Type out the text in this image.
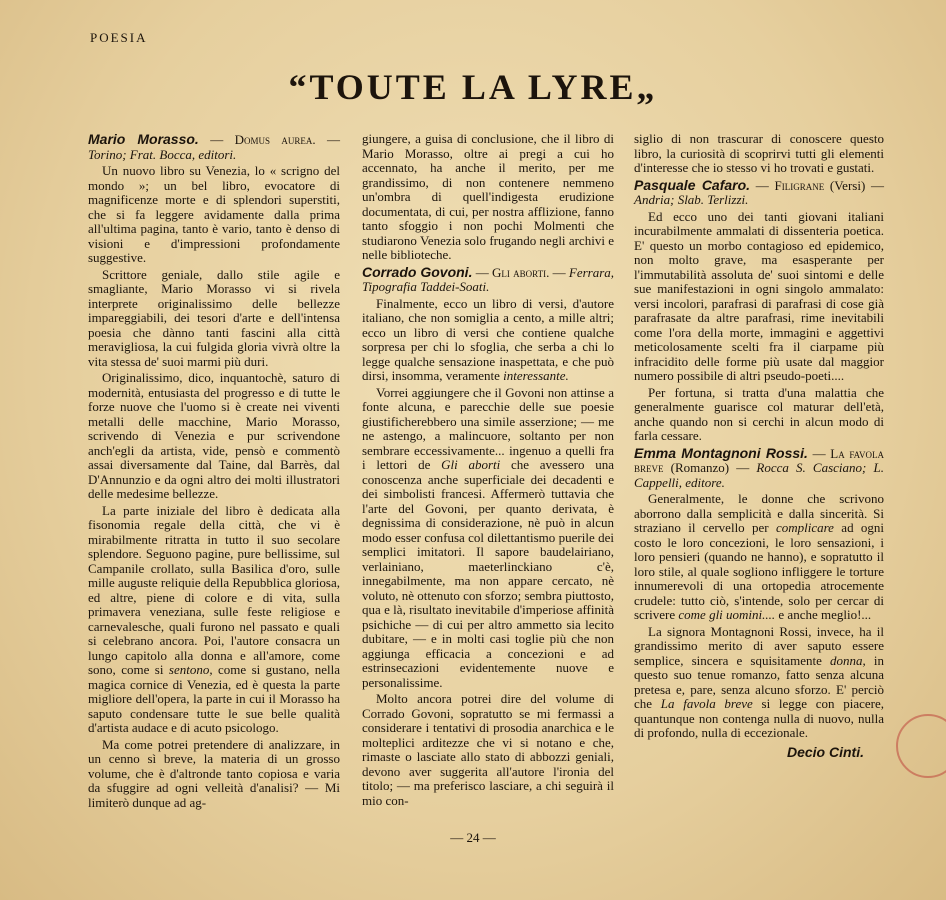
POESIA
“TOUTE LA LYRE„

Mario Morasso. — Domus aurea. — Torino; Frat. Bocca, editori.

Un nuovo libro su Venezia, lo « scrigno del mondo »; un bel libro, evocatore di magnificenze morte e di splendori superstiti, che si fa leggere avidamente dalla prima all'ultima pagina, tanto è vario, tanto è denso di visioni e d'impressioni profondamente suggestive.

Scrittore geniale, dallo stile agile e smagliante, Mario Morasso vi si rivela interprete originalissimo delle bellezze impareggiabili, dei tesori d'arte e dell'intensa poesia che dànno tanti fascini alla città meravigliosa, la cui fulgida gloria vivrà oltre la vita stessa de' suoi marmi più duri.

Originalissimo, dico, inquantochè, saturo di modernità, entusiasta del progresso e di tutte le forze nuove che l'uomo si è create nei viventi metalli delle macchine, Mario Morasso, scrivendo di Venezia e pur scrivendone anch'egli da artista, vide, pensò e commentò assai diversamente dal Taine, dal Barrès, dal D'Annunzio e da ogni altro dei molti illustratori delle medesime bellezze.

La parte iniziale del libro è dedicata alla fisonomia regale della città, che vi è mirabilmente ritratta in tutto il suo secolare splendore. Seguono pagine, pure bellissime, sul Campanile crollato, sulla Basilica d'oro, sulle mille auguste reliquie della Repubblica gloriosa, ed altre, piene di colore e di vita, sulla primavera veneziana, sulle feste religiose e carnevalesche, quali furono nel passato e quali si celebrano ancora. Poi, l'autore consacra un lungo capitolo alla donna e all'amore, come sono, come si sentono, come si gustano, nella magica cornice di Venezia, ed è questa la parte migliore dell'opera, la parte in cui il Morasso ha saputo condensare tutte le sue belle qualità d'artista audace e di acuto psicologo.

Ma come potrei pretendere di analizzare, in un cenno sì breve, la materia di un grosso volume, che è d'altronde tanto copiosa e varia da sfuggire ad ogni velleità d'analisi? — Mi limiterò dunque ad ag-

giungere, a guisa di conclusione, che il libro di Mario Morasso, oltre ai pregi a cui ho accennato, ha anche il merito, per me grandissimo, di non contenere nemmeno un'ombra di quell'indigesta erudizione documentata, di cui, per nostra afflizione, fanno tanto sfoggio i non pochi Molmenti che studiarono Venezia solo frugando negli archivi e nelle biblioteche.

Corrado Govoni. — Gli aborti. — Ferrara, Tipografia Taddei-Soati.

Finalmente, ecco un libro di versi, d'autore italiano, che non somiglia a cento, a mille altri; ecco un libro di versi che contiene qualche sorpresa per chi lo sfoglia, che serba a chi lo legge qualche sensazione inaspettata, e che può dirsi, insomma, veramente interessante.

Vorrei aggiungere che il Govoni non attinse a fonte alcuna, e parecchie delle sue poesie giustificherebbero una simile asserzione; — me ne astengo, a malincuore, soltanto per non sembrare eccessivamente... ingenuo a quelli fra i lettori de Gli aborti che avessero una conoscenza anche superficiale dei decadenti e dei simbolisti francesi. Affermerò tuttavia che l'arte del Govoni, per quanto derivata, è degnissima di considerazione, nè può in alcun modo esser confusa col dilettantismo puerile dei semplici imitatori. Il sapore baudelairiano, verlainiano, maeterlinckiano c'è, innegabilmente, ma non appare cercato, nè voluto, nè ottenuto con sforzo; sembra piuttosto, qua e là, risultato inevitabile d'imperiose affinità psichiche — di cui per altro ammetto sia lecito dubitare, — e in molti casi toglie più che non aggiunga efficacia a concezioni e ad estrinsecazioni evidentemente nuove e personalissime.

Molto ancora potrei dire del volume di Corrado Govoni, sopratutto se mi fermassi a considerare i tentativi di prosodia anarchica e le molteplici arditezze che vi si notano e che, rimaste o lasciate allo stato di abbozzi geniali, devono aver suggerita all'autore l'ironia del titolo; — ma preferisco lasciare, a chi seguirà il mio con-

siglio di non trascurar di conoscere questo libro, la curiosità di scoprirvi tutti gli elementi d'interesse che io stesso vi ho trovati e gustati.

Pasquale Cafaro. — Filigrane (Versi) — Andria; Slab. Terlizzi.

Ed ecco uno dei tanti giovani italiani incurabilmente ammalati di dissenteria poetica. E' questo un morbo contagioso ed epidemico, non molto grave, ma esasperante per l'immutabilità assoluta de' suoi sintomi e delle sue manifestazioni in ogni singolo ammalato: versi incolori, parafrasi di parafrasi di cose già parafrasate da altre parafrasi, rime inevitabili come l'ora della morte, immagini e aggettivi meticolosamente scelti fra il ciarpame più infracidito delle forme più usate dal maggior numero possibile di altri pseudo-poeti....

Per fortuna, si tratta d'una malattia che generalmente guarisce col maturar dell'età, anche quando non si cerchi in alcun modo di farla cessare.

Emma Montagnoni Rossi. — La favola breve (Romanzo) — Rocca S. Casciano; L. Cappelli, editore.

Generalmente, le donne che scrivono aborrono dalla semplicità e dalla sincerità. Si straziano il cervello per complicare ad ogni costo le loro concezioni, le loro sensazioni, i loro pensieri (quando ne hanno), e sopratutto il loro stile, al quale sogliono infliggere le torture innumerevoli di una ortopedia atrocemente crudele: tutto ciò, s'intende, solo per cercar di scrivere come gli uomini.... e anche meglio!...

La signora Montagnoni Rossi, invece, ha il grandissimo merito di aver saputo essere semplice, sincera e squisitamente donna, in questo suo tenue romanzo, fatto senza alcuna pretesa e, pare, senza alcuno sforzo. E' perciò che La favola breve si legge con piacere, quantunque non contenga nulla di nuovo, nulla di profondo, nulla di eccezionale.

Decio Cinti.
— 24 —
